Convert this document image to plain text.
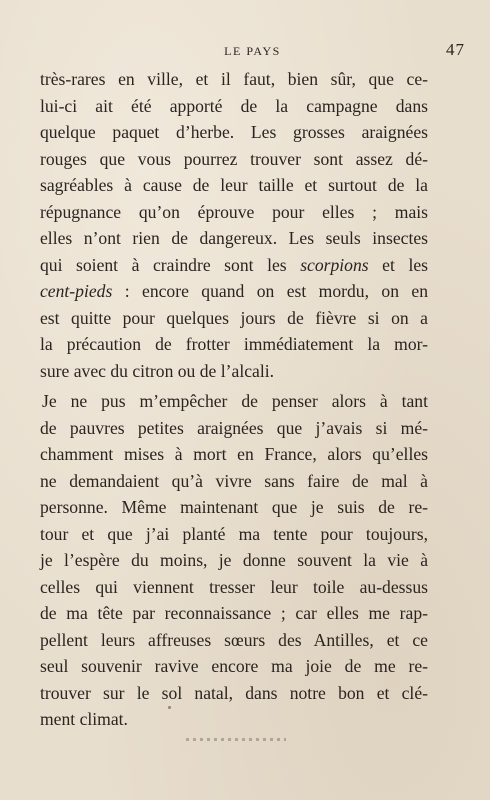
LE PAYS	47
très-rares en ville, et il faut, bien sûr, que ce-
lui-ci ait été apporté de la campagne dans
quelque paquet d’herbe. Les grosses araignées
rouges que vous pourrez trouver sont assez dé-
sagréables à cause de leur taille et surtout de la
répugnance qu’on éprouve pour elles ; mais
elles n’ont rien de dangereux. Les seuls insectes
qui soient à craindre sont les scorpions et les
cent-pieds : encore quand on est mordu, on en
est quitte pour quelques jours de fièvre si on a
la précaution de frotter immédiatement la mor-
sure avec du citron ou de l’alcali.
Je ne pus m’empêcher de penser alors à tant
de pauvres petites araignées que j’avais si mé-
chamment mises à mort en France, alors qu’elles
ne demandaient qu’à vivre sans faire de mal à
personne. Même maintenant que je suis de re-
tour et que j’ai planté ma tente pour toujours,
je l’espère du moins, je donne souvent la vie à
celles qui viennent tresser leur toile au-dessus
de ma tête par reconnaissance ; car elles me rap-
pellent leurs affreuses sœurs des Antilles, et ce
seul souvenir ravive encore ma joie de me re-
trouver sur le sol natal, dans notre bon et clé-
ment climat.
